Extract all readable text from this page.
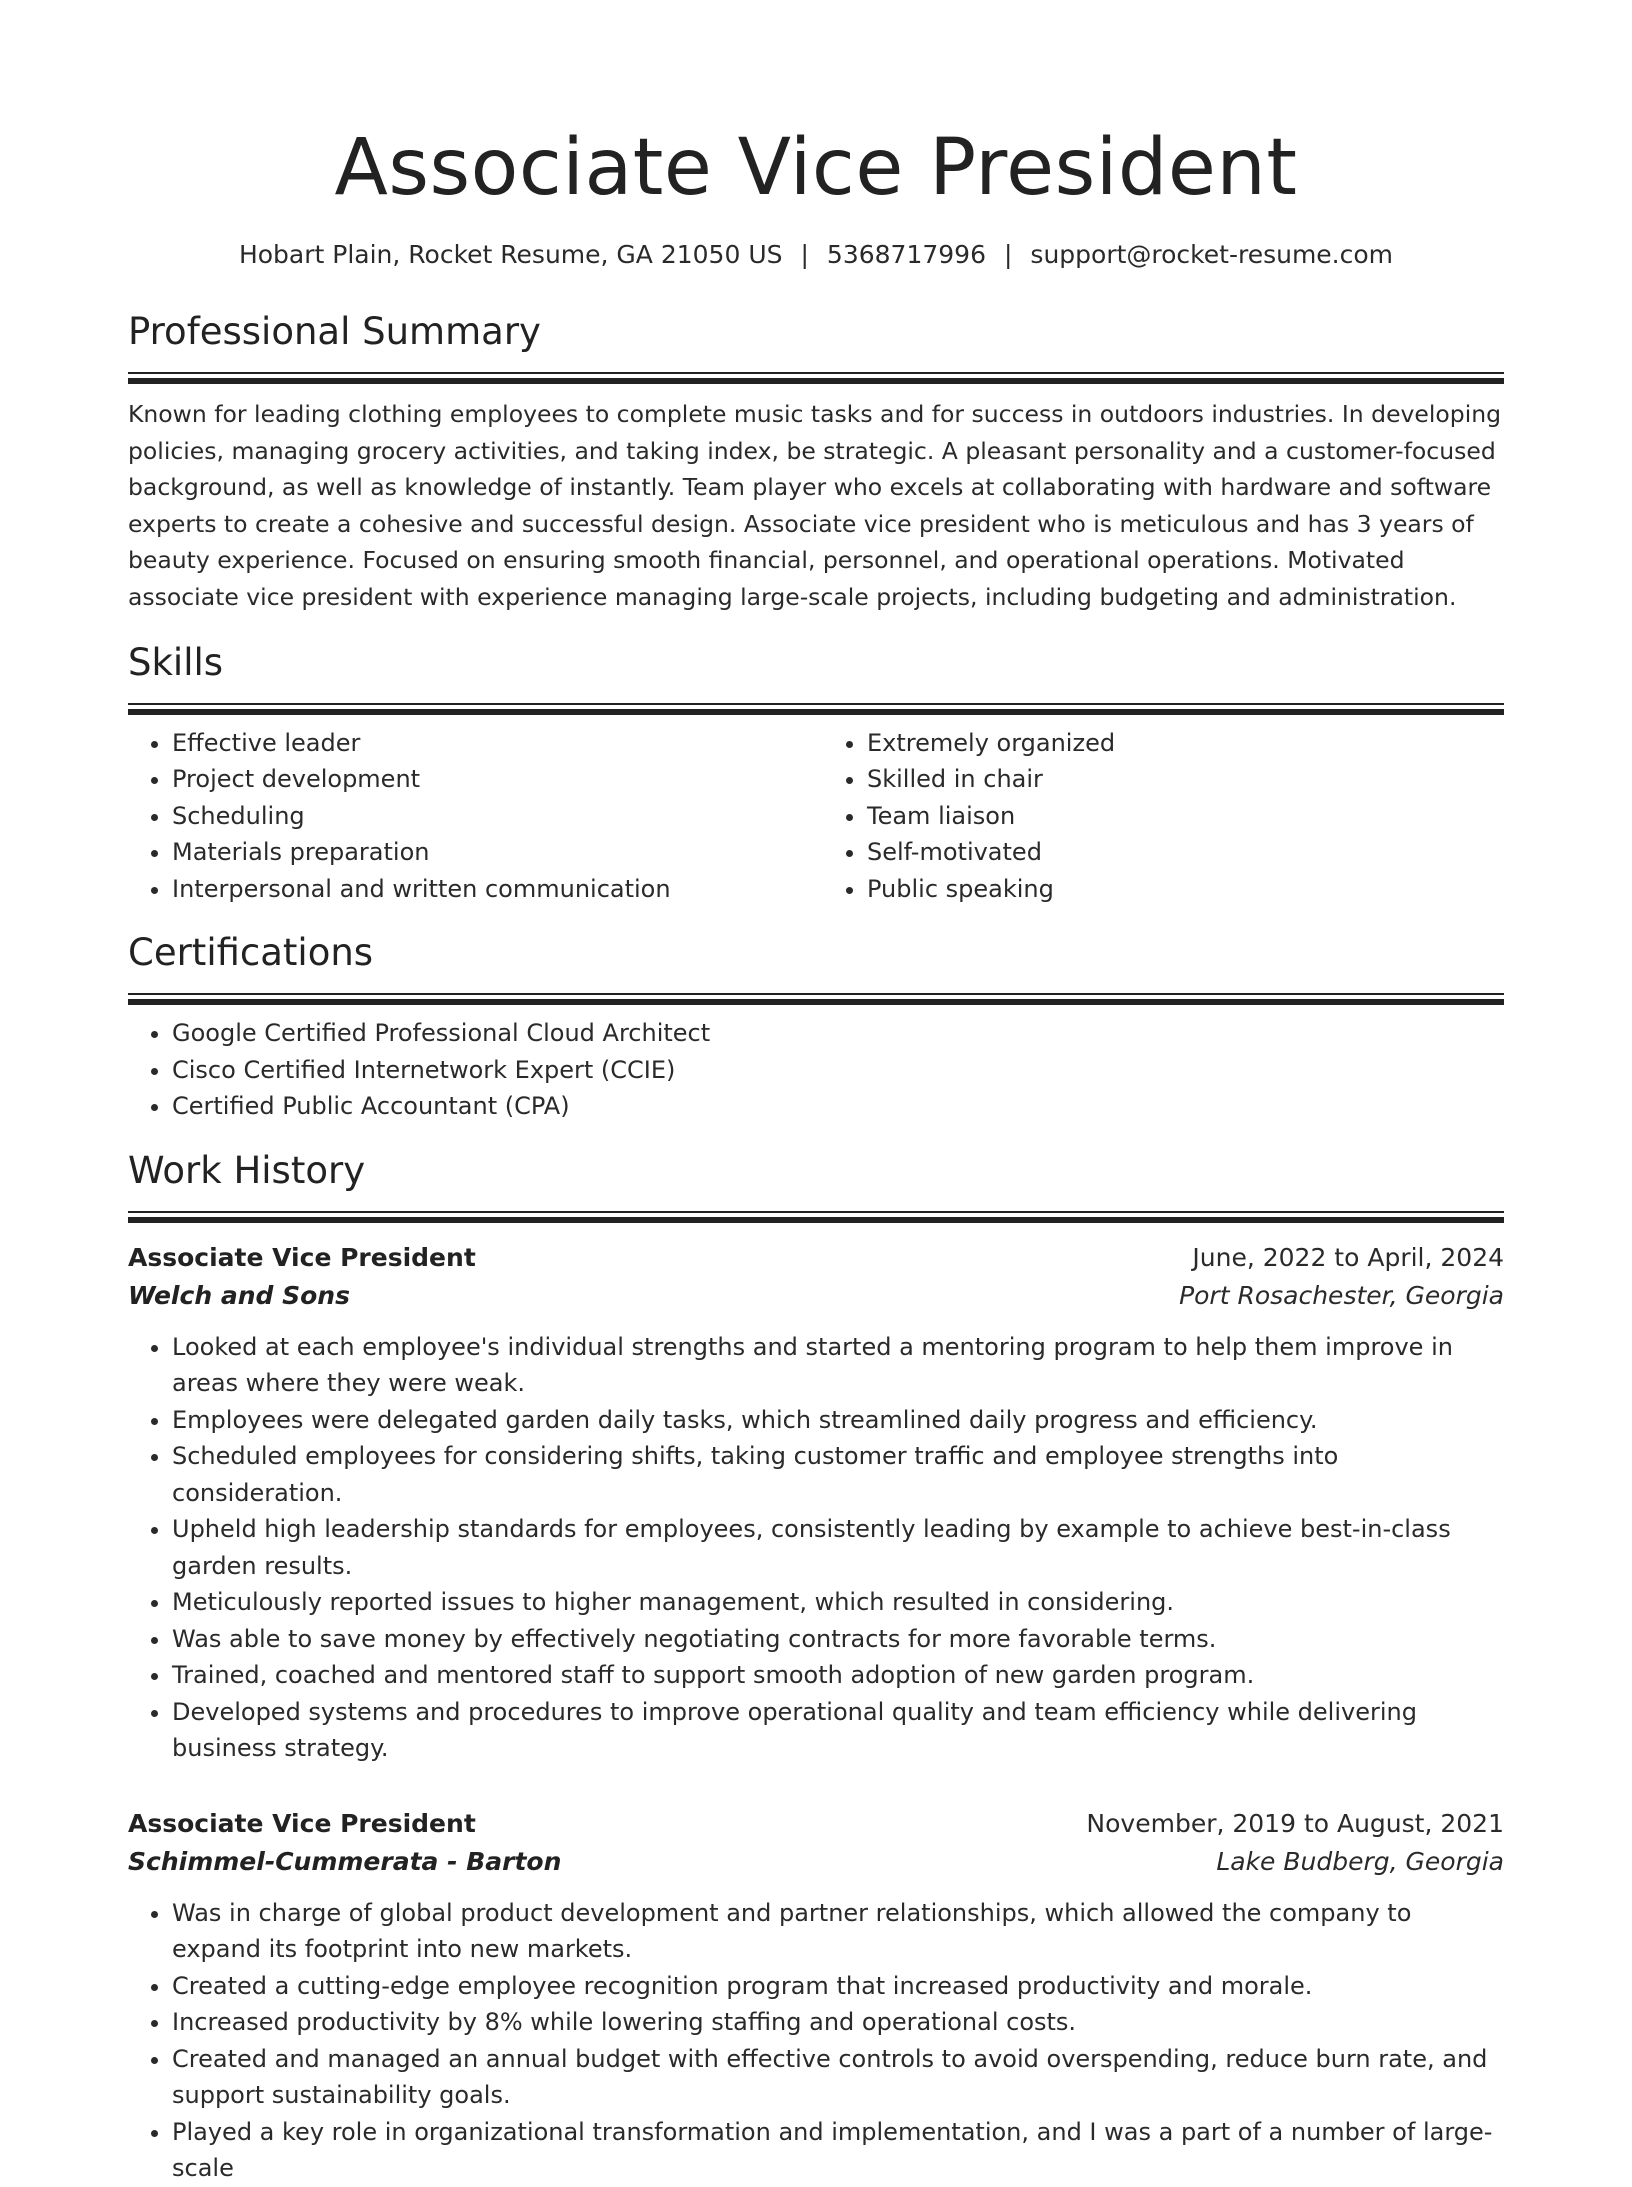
Associate Vice President
Hobart Plain, Rocket Resume, GA 21050 US | 5368717996 | support@rocket-resume.com
Professional Summary

Known for leading clothing employees to complete music tasks and for success in outdoors industries. In developing policies, managing grocery activities, and taking index, be strategic. A pleasant personality and a customer-focused background, as well as knowledge of instantly. Team player who excels at collaborating with hardware and software experts to create a cohesive and successful design. Associate vice president who is meticulous and has 3 years of beauty experience. Focused on ensuring smooth financial, personnel, and operational operations. Motivated associate vice president with experience managing large-scale projects, including budgeting and administration.

Skills
• Effective leader
• Project development
• Scheduling
• Materials preparation
• Interpersonal and written communication
• Extremely organized
• Skilled in chair
• Team liaison
• Self-motivated
• Public speaking
Certifications
• Google Certified Professional Cloud Architect
• Cisco Certified Internetwork Expert (CCIE)
• Certified Public Accountant (CPA)
Work History
Associate Vice President	June, 2022 to April, 2024
Welch and Sons	Port Rosachester, Georgia
• Looked at each employee's individual strengths and started a mentoring program to help them improve in areas where they were weak.
• Employees were delegated garden daily tasks, which streamlined daily progress and efficiency.
• Scheduled employees for considering shifts, taking customer traffic and employee strengths into consideration.
• Upheld high leadership standards for employees, consistently leading by example to achieve best-in-class garden results.
• Meticulously reported issues to higher management, which resulted in considering.
• Was able to save money by effectively negotiating contracts for more favorable terms.
• Trained, coached and mentored staff to support smooth adoption of new garden program.
• Developed systems and procedures to improve operational quality and team efficiency while delivering business strategy.
Associate Vice President	November, 2019 to August, 2021
Schimmel-Cummerata - Barton	Lake Budberg, Georgia
• Was in charge of global product development and partner relationships, which allowed the company to expand its footprint into new markets.
• Created a cutting-edge employee recognition program that increased productivity and morale.
• Increased productivity by 8% while lowering staffing and operational costs.
• Created and managed an annual budget with effective controls to avoid overspending, reduce burn rate, and support sustainability goals.
• Played a key role in organizational transformation and implementation, and I was a part of a number of large-scale
